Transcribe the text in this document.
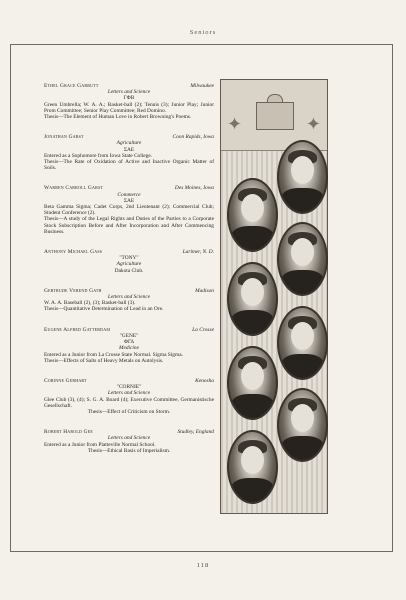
Seniors
Ethel Grace Garbutt	Milwaukee
Letters and Science
ΓΦΒ
Green Umbrella; W. A. A.; Basket-ball (2); Tennis (3); Junior Play; Junior Prom Committee; Senior Play Committee; Red Domino.
Thesis—The Element of Human Love in Robert Browning's Poems.
Jonathan Garst	Coon Rapids, Iowa
Agriculture
ΣΑΕ
Entered as a Sophomore from Iowa State College.
Thesis—The Rate of Oxidation of Active and Inactive Organic Matter of Soils.
Warren Carroll Garst	Des Moines, Iowa
Commerce
ΣΑΕ
Beta Gamma Sigma; Cadet Corps, 2nd Lieutenant (2); Commercial Club; Student Conference (2).
Thesis—A study of the Legal Rights and Duties of the Parties to a Corporate Stock Subscription Before and After Incorporation and After Commencing Business.
Anthony Michael Gass	Larimer, N. D.
"TONY"
Agriculture
Dakota Club.
Gertrude Verend Gath	Madison
Letters and Science
W. A. A. Baseball (2), (3); Basket-ball (3).
Thesis—Quantitative Determination of Lead in an Ore.
Eugene Alfred Gatterdam	La Crosse
"GENE"
ΦΓΔ
Medicine
Entered as a Junior from La Crosse State Normal. Sigma Sigma.
Thesis—Effects of Salts of Heavy Metals on Autolysis.
Corinne Gebhart	Kenosha
"CORNIE"
Letters and Science
Glee Club (3), (4); S. G. A. Board (4); Executive Committee, Germanistische Gesellschaft.
Thesis—Effect of Criticism on Storm.
Robert Harold Gee	Studley, England
Letters and Science
Entered as a Junior from Platteville Normal School.
Thesis—Ethical Basis of Imperialism.
✦	✦
118
